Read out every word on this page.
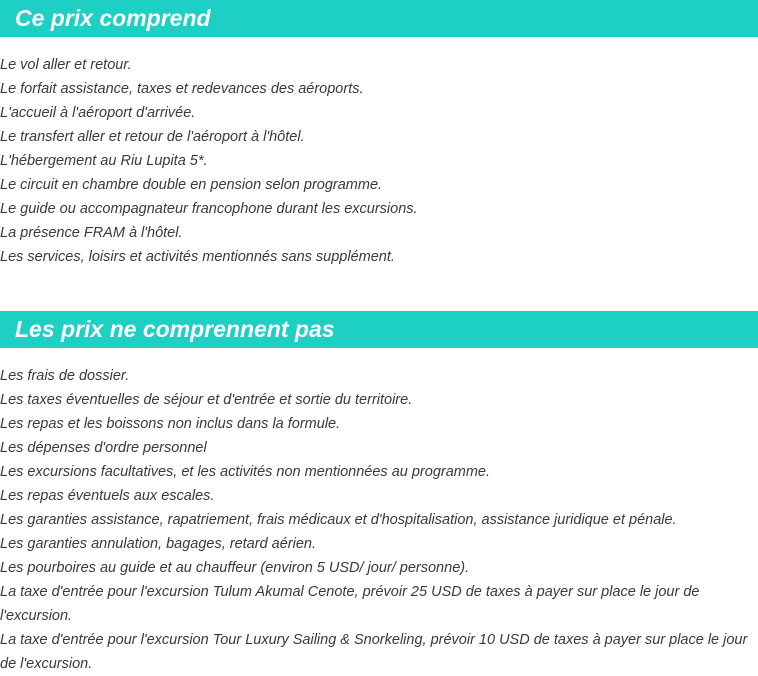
Ce prix comprend
Le vol aller et retour.
Le forfait assistance, taxes et redevances des aéroports.
L'accueil à l'aéroport d'arrivée.
Le transfert aller et retour de l'aéroport à l'hôtel.
L'hébergement au Riu Lupita 5*.
Le circuit en chambre double en pension selon programme.
Le guide ou accompagnateur francophone durant les excursions.
La présence FRAM à l'hôtel.
Les services, loisirs et activités mentionnés sans supplément.
Les prix ne comprennent pas
Les frais de dossier.
Les taxes éventuelles de séjour et d'entrée et sortie du territoire.
Les repas et les boissons non inclus dans la formule.
Les dépenses d'ordre personnel
Les excursions facultatives, et les activités non mentionnées au programme.
Les repas éventuels aux escales.
Les garanties assistance, rapatriement, frais médicaux et d'hospitalisation, assistance juridique et pénale.
Les garanties annulation, bagages, retard aérien.
Les pourboires au guide et au chauffeur (environ 5 USD/ jour/ personne).
La taxe d'entrée pour l'excursion Tulum Akumal Cenote, prévoir 25 USD de taxes à payer sur place le jour de l'excursion.
La taxe d'entrée pour l'excursion Tour Luxury Sailing & Snorkeling, prévoir 10 USD de taxes à payer sur place le jour de l'excursion.
